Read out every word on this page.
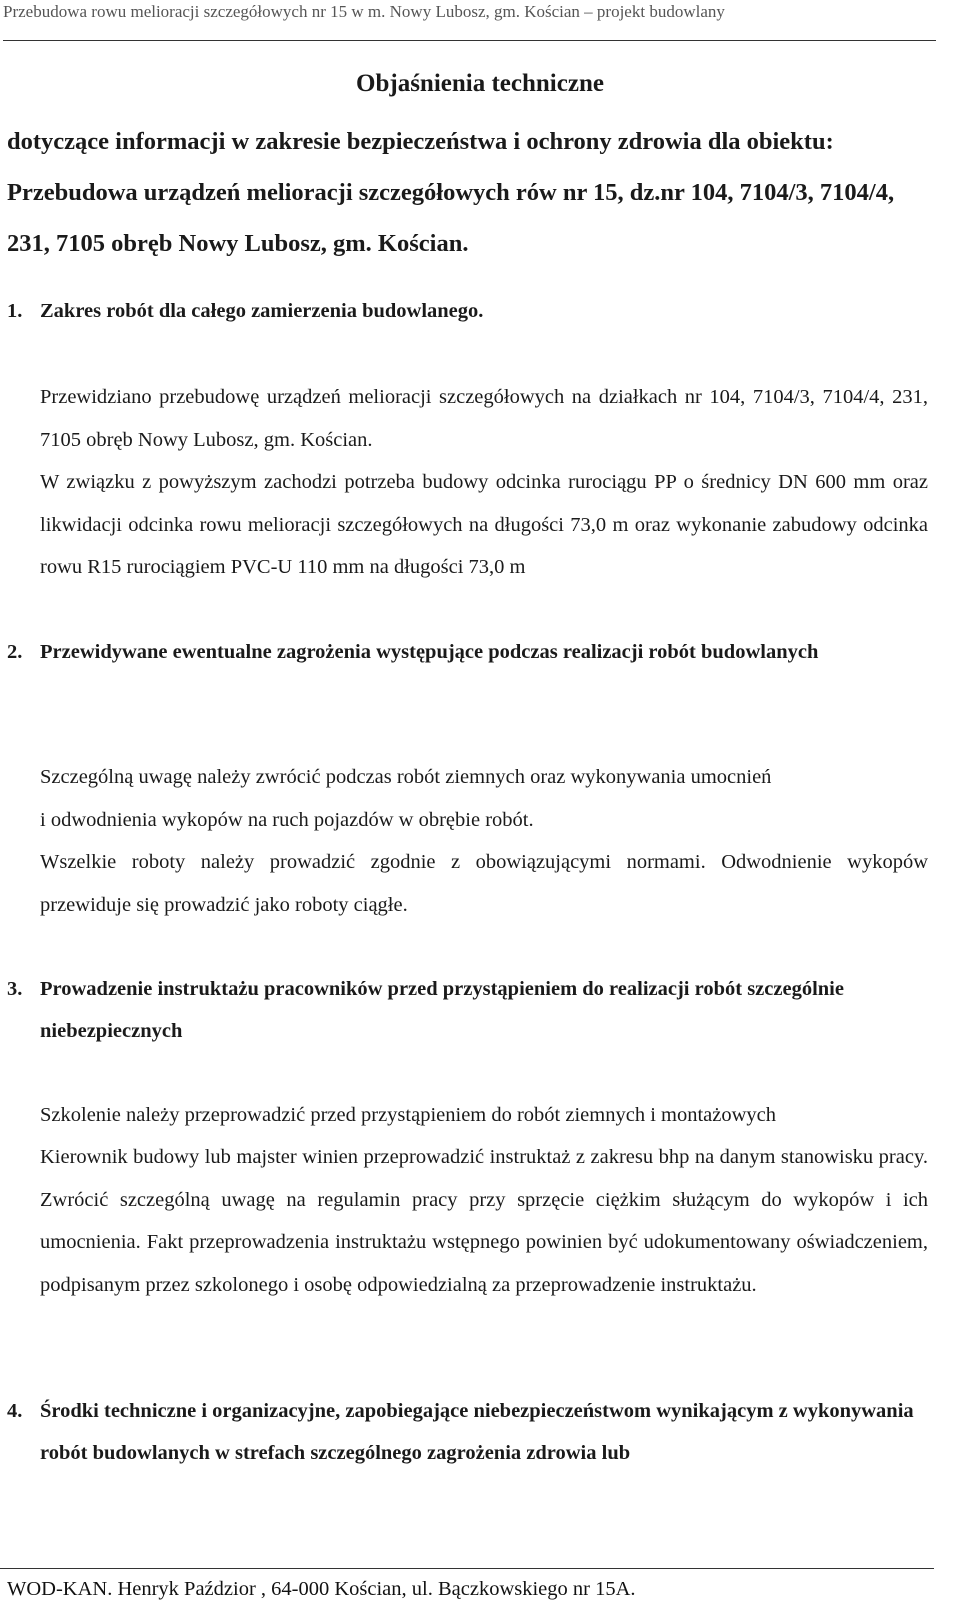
Przebudowa rowu melioracji szczegółowych nr 15 w m. Nowy Lubosz, gm. Kościan – projekt budowlany
Objaśnienia techniczne

dotyczące informacji w zakresie bezpieczeństwa i ochrony zdrowia dla obiektu: Przebudowa urządzeń melioracji szczegółowych rów nr 15, dz.nr 104, 7104/3, 7104/4, 231, 7105 obręb Nowy Lubosz, gm. Kościan.

1. Zakres robót dla całego zamierzenia budowlanego.

Przewidziano przebudowę urządzeń melioracji szczegółowych na działkach nr 104, 7104/3, 7104/4, 231, 7105 obręb Nowy Lubosz, gm. Kościan.

W związku z powyższym zachodzi potrzeba budowy odcinka rurociągu PP o średnicy DN 600 mm oraz likwidacji odcinka rowu melioracji szczegółowych na długości 73,0 m oraz wykonanie zabudowy odcinka rowu R15 rurociągiem PVC-U 110 mm na długości 73,0 m

2. Przewidywane ewentualne zagrożenia występujące podczas realizacji robót budowlanych

Szczególną uwagę należy zwrócić podczas robót ziemnych oraz wykonywania umocnień

i odwodnienia wykopów na ruch pojazdów w obrębie robót.

Wszelkie roboty należy prowadzić zgodnie z obowiązującymi normami. Odwodnienie wykopów przewiduje się prowadzić jako roboty ciągłe.

3. Prowadzenie instruktażu pracowników przed przystąpieniem do realizacji robót szczególnie niebezpiecznych

Szkolenie należy przeprowadzić przed przystąpieniem do robót ziemnych i montażowych

Kierownik budowy lub majster winien przeprowadzić instruktaż z zakresu bhp na danym stanowisku pracy. Zwrócić szczególną uwagę na regulamin pracy przy sprzęcie ciężkim służącym do wykopów i ich umocnienia. Fakt przeprowadzenia instruktażu wstępnego powinien być udokumentowany oświadczeniem, podpisanym przez szkolonego i osobę odpowiedzialną za przeprowadzenie instruktażu.

4. Środki techniczne i organizacyjne, zapobiegające niebezpieczeństwom wynikającym z wykonywania robót budowlanych w strefach szczególnego zagrożenia zdrowia lub
WOD-KAN. Henryk Paździor , 64-000 Kościan, ul. Bączkowskiego nr 15A.
